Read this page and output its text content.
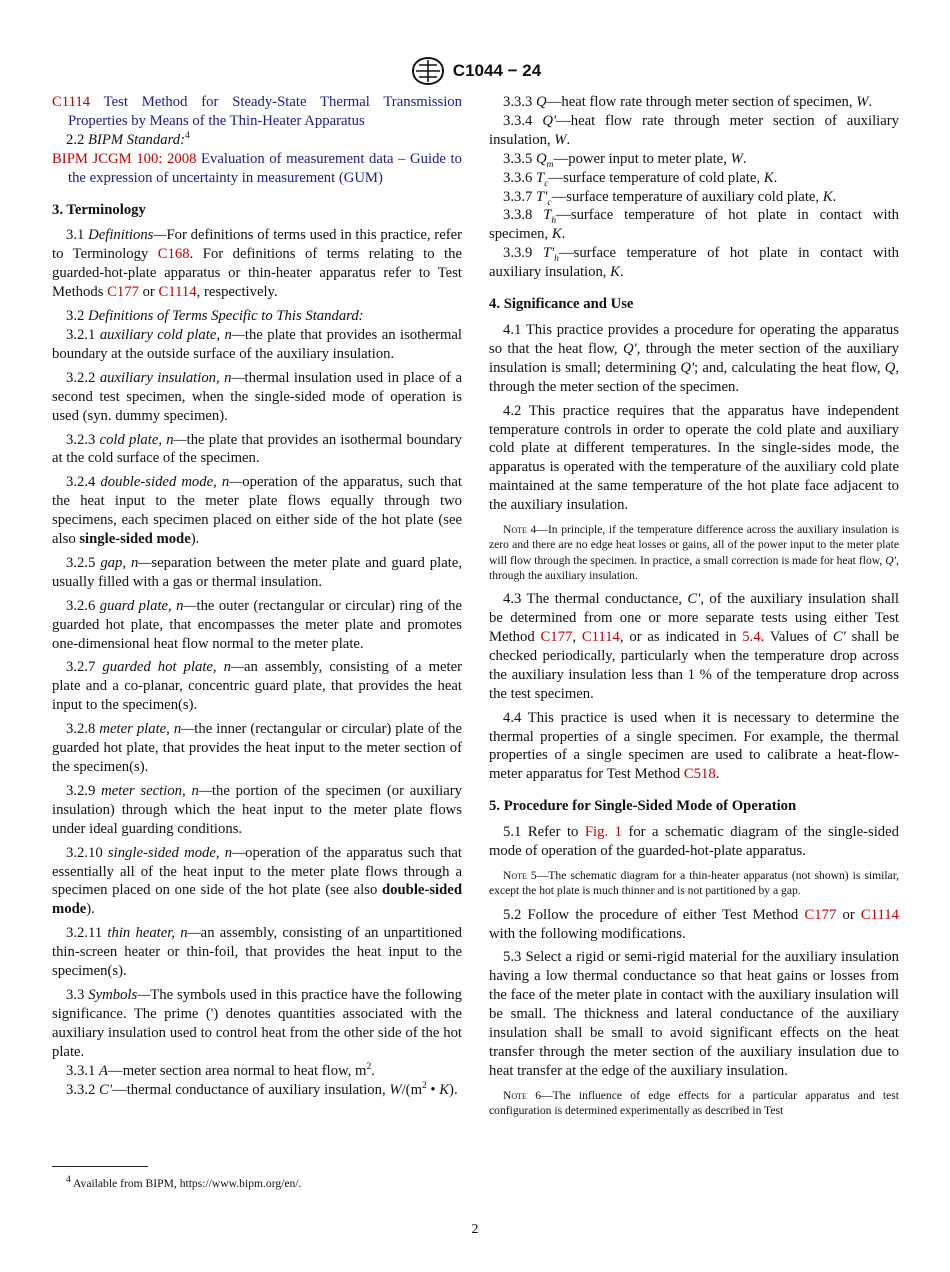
C1044 − 24

C1114 Test Method for Steady-State Thermal Transmission Properties by Means of the Thin-Heater Apparatus

2.2 BIPM Standard:$^4$

BIPM JCGM 100: 2008 Evaluation of measurement data – Guide to the expression of uncertainty in measurement (GUM)

3. Terminology

3.1 Definitions—For definitions of terms used in this practice, refer to Terminology C168. For definitions of terms relating to the guarded-hot-plate apparatus or thin-heater apparatus refer to Test Methods C177 or C1114, respectively.

3.2 Definitions of Terms Specific to This Standard:

3.2.1 auxiliary cold plate, n—the plate that provides an isothermal boundary at the outside surface of the auxiliary insulation.

3.2.2 auxiliary insulation, n—thermal insulation used in place of a second test specimen, when the single-sided mode of operation is used (syn. dummy specimen).

3.2.3 cold plate, n—the plate that provides an isothermal boundary at the cold surface of the specimen.

3.2.4 double-sided mode, n—operation of the apparatus, such that the heat input to the meter plate flows equally through two specimens, each specimen placed on either side of the hot plate (see also single-sided mode).

3.2.5 gap, n—separation between the meter plate and guard plate, usually filled with a gas or thermal insulation.

3.2.6 guard plate, n—the outer (rectangular or circular) ring of the guarded hot plate, that encompasses the meter plate and promotes one-dimensional heat flow normal to the meter plate.

3.2.7 guarded hot plate, n—an assembly, consisting of a meter plate and a co-planar, concentric guard plate, that provides the heat input to the specimen(s).

3.2.8 meter plate, n—the inner (rectangular or circular) plate of the guarded hot plate, that provides the heat input to the meter section of the specimen(s).

3.2.9 meter section, n—the portion of the specimen (or auxiliary insulation) through which the heat input to the meter plate flows under ideal guarding conditions.

3.2.10 single-sided mode, n—operation of the apparatus such that essentially all of the heat input to the meter plate flows through a specimen placed on one side of the hot plate (see also double-sided mode).

3.2.11 thin heater, n—an assembly, consisting of an unpartitioned thin-screen heater or thin-foil, that provides the heat input to the specimen(s).

3.3 Symbols—The symbols used in this practice have the following significance. The prime (') denotes quantities associated with the auxiliary insulation used to control heat from the other side of the hot plate.

3.3.1 A—meter section area normal to heat flow, $m^2$.

3.3.2 C'—thermal conductance of auxiliary insulation, $W/(m^2$ • K).

3.3.3 Q—heat flow rate through meter section of specimen, W.

3.3.4 Q'—heat flow rate through meter section of auxiliary insulation, W.

3.3.5 $Q_m—power$ input to meter plate, W.

3.3.6 $T_c—surface$ temperature of cold plate, K.

3.3.7 $T'_c—surface$ temperature of auxiliary cold plate, K.

3.3.8 $T_h—surface$ temperature of hot plate in contact with specimen, K.

3.3.9 $T'_h—surface$ temperature of hot plate in contact with auxiliary insulation, K.

4. Significance and Use

4.1 This practice provides a procedure for operating the apparatus so that the heat flow, Q', through the meter section of the auxiliary insulation is small; determining Q'; and, calculating the heat flow, Q, through the meter section of the specimen.

4.2 This practice requires that the apparatus have independent temperature controls in order to operate the cold plate and auxiliary cold plate at different temperatures. In the single-sides mode, the apparatus is operated with the temperature of the auxiliary cold plate maintained at the same temperature of the hot plate face adjacent to the auxiliary insulation.

Note 4—In principle, if the temperature difference across the auxiliary insulation is zero and there are no edge heat losses or gains, all of the power input to the meter plate will flow through the specimen. In practice, a small correction is made for heat flow, Q', through the auxiliary insulation.

4.3 The thermal conductance, C', of the auxiliary insulation shall be determined from one or more separate tests using either Test Method C177, C1114, or as indicated in 5.4. Values of C' shall be checked periodically, particularly when the temperature drop across the auxiliary insulation less than 1 % of the temperature drop across the test specimen.

4.4 This practice is used when it is necessary to determine the thermal properties of a single specimen. For example, the thermal properties of a single specimen are used to calibrate a heat-flow-meter apparatus for Test Method C518.

5. Procedure for Single-Sided Mode of Operation

5.1 Refer to Fig. 1 for a schematic diagram of the single-sided mode of operation of the guarded-hot-plate apparatus.

Note 5—The schematic diagram for a thin-heater apparatus (not shown) is similar, except the hot plate is much thinner and is not partitioned by a gap.

5.2 Follow the procedure of either Test Method C177 or C1114 with the following modifications.

5.3 Select a rigid or semi-rigid material for the auxiliary insulation having a low thermal conductance so that heat gains or losses from the face of the meter plate in contact with the auxiliary insulation will be small. The thickness and lateral conductance of the auxiliary insulation shall be small to avoid significant effects on the heat transfer through the meter section of the auxiliary insulation due to heat transfer at the edge of the auxiliary insulation.

Note 6—The influence of edge effects for a particular apparatus and test configuration is determined experimentally as described in Test

$^4$ Available from BIPM, https://www.bipm.org/en/.

2
